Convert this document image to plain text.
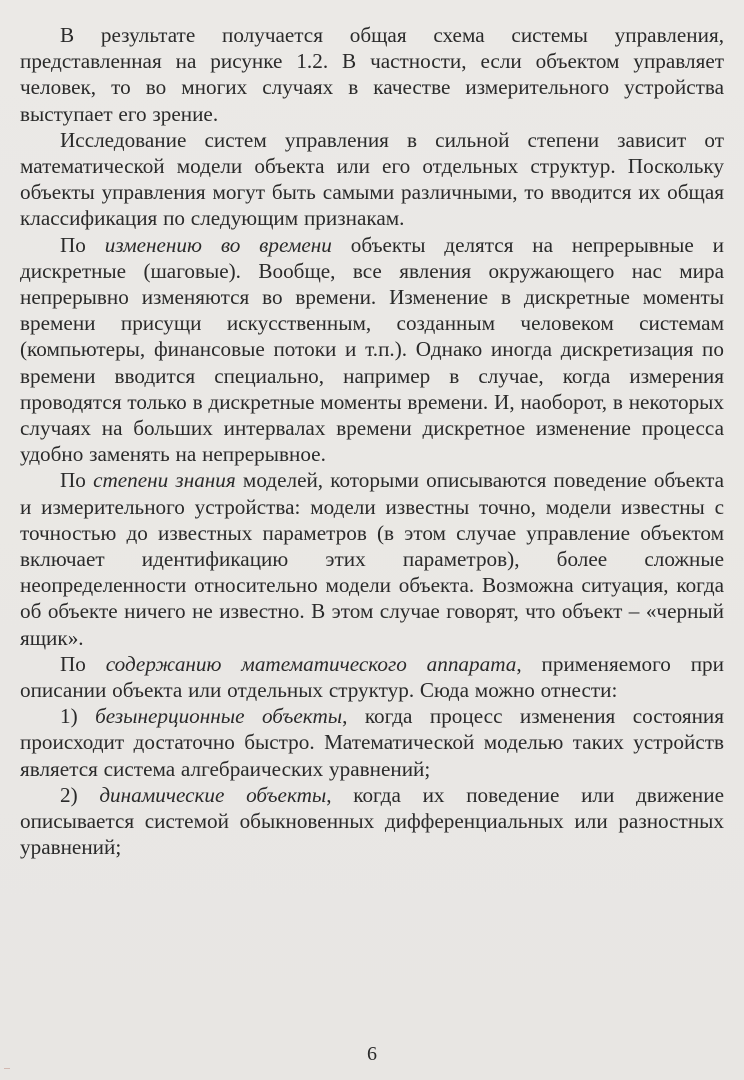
В результате получается общая схема системы управления, представленная на рисунке 1.2. В частности, если объектом управляет человек, то во многих случаях в качестве измерительного устройства выступает его зрение.

Исследование систем управления в сильной степени зависит от математической модели объекта или его отдельных структур. Поскольку объекты управления могут быть самыми различными, то вводится их общая классификация по следующим признакам.

По изменению во времени объекты делятся на непрерывные и дискретные (шаговые). Вообще, все явления окружающего нас мира непрерывно изменяются во времени. Изменение в дискретные моменты времени присущи искусственным, созданным человеком системам (компьютеры, финансовые потоки и т.п.). Однако иногда дискретизация по времени вводится специально, например в случае, когда измерения проводятся только в дискретные моменты времени. И, наоборот, в некоторых случаях на больших интервалах времени дискретное изменение процесса удобно заменять на непрерывное.

По степени знания моделей, которыми описываются поведение объекта и измерительного устройства: модели известны точно, модели известны с точностью до известных параметров (в этом случае управление объектом включает идентификацию этих параметров), более сложные неопределенности относительно модели объекта. Возможна ситуация, когда об объекте ничего не известно. В этом случае говорят, что объект – «черный ящик».

По содержанию математического аппарата, применяемого при описании объекта или отдельных структур. Сюда можно отнести:

1) безынерционные объекты, когда процесс изменения состояния происходит достаточно быстро. Математической моделью таких устройств является система алгебраических уравнений;

2) динамические объекты, когда их поведение или движение описывается системой обыкновенных дифференциальных или разностных уравнений;

6
